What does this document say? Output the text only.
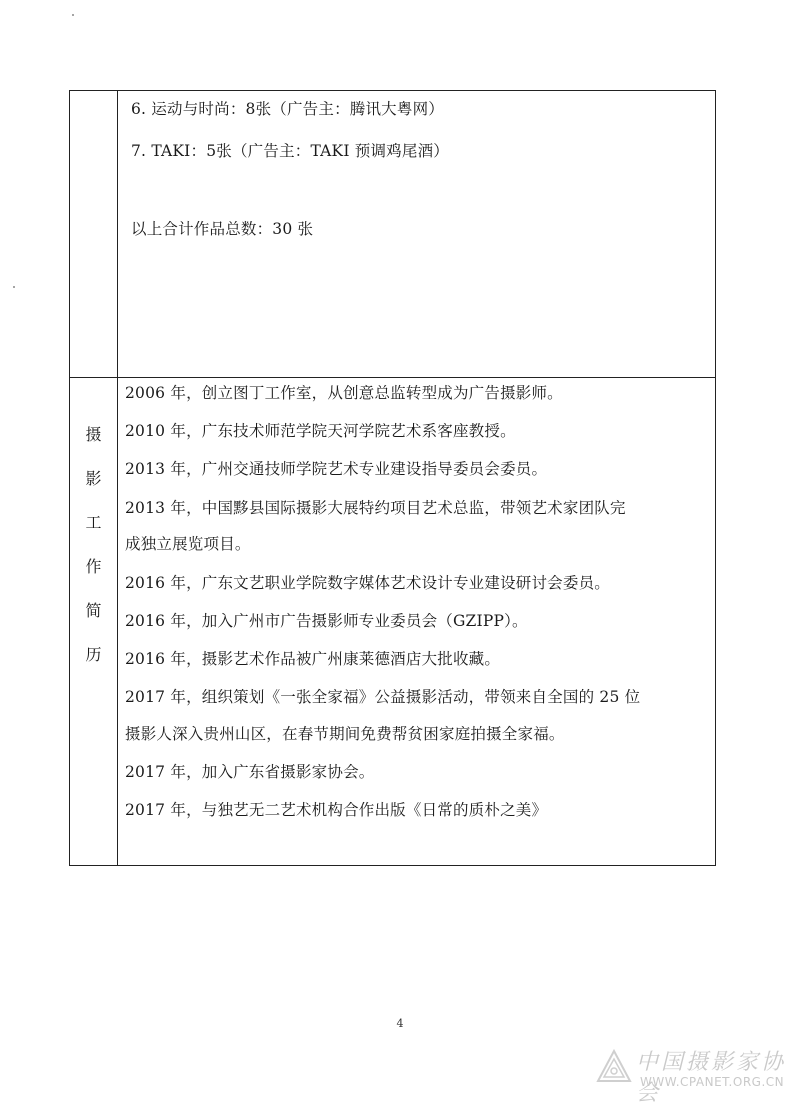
6. 运动与时尚：8张（广告主：腾讯大粤网）
7. TAKI：5张（广告主：TAKI 预调鸡尾酒）
以上合计作品总数：30 张
摄
影
工
作
简
历
2006 年，创立图丁工作室，从创意总监转型成为广告摄影师。
2010 年，广东技术师范学院天河学院艺术系客座教授。
2013 年，广州交通技师学院艺术专业建设指导委员会委员。
2013 年，中国黟县国际摄影大展特约项目艺术总监，带领艺术家团队完
成独立展览项目。
2016 年，广东文艺职业学院数字媒体艺术设计专业建设研讨会委员。
2016 年，加入广州市广告摄影师专业委员会（GZIPP）。
2016 年，摄影艺术作品被广州康莱德酒店大批收藏。
2017 年，组织策划《一张全家福》公益摄影活动，带领来自全国的 25 位
摄影人深入贵州山区，在春节期间免费帮贫困家庭拍摄全家福。
2017 年，加入广东省摄影家协会。
2017 年，与独艺无二艺术机构合作出版《日常的质朴之美》
4
中国摄影家协会
WWW.CPANET.ORG.CN
